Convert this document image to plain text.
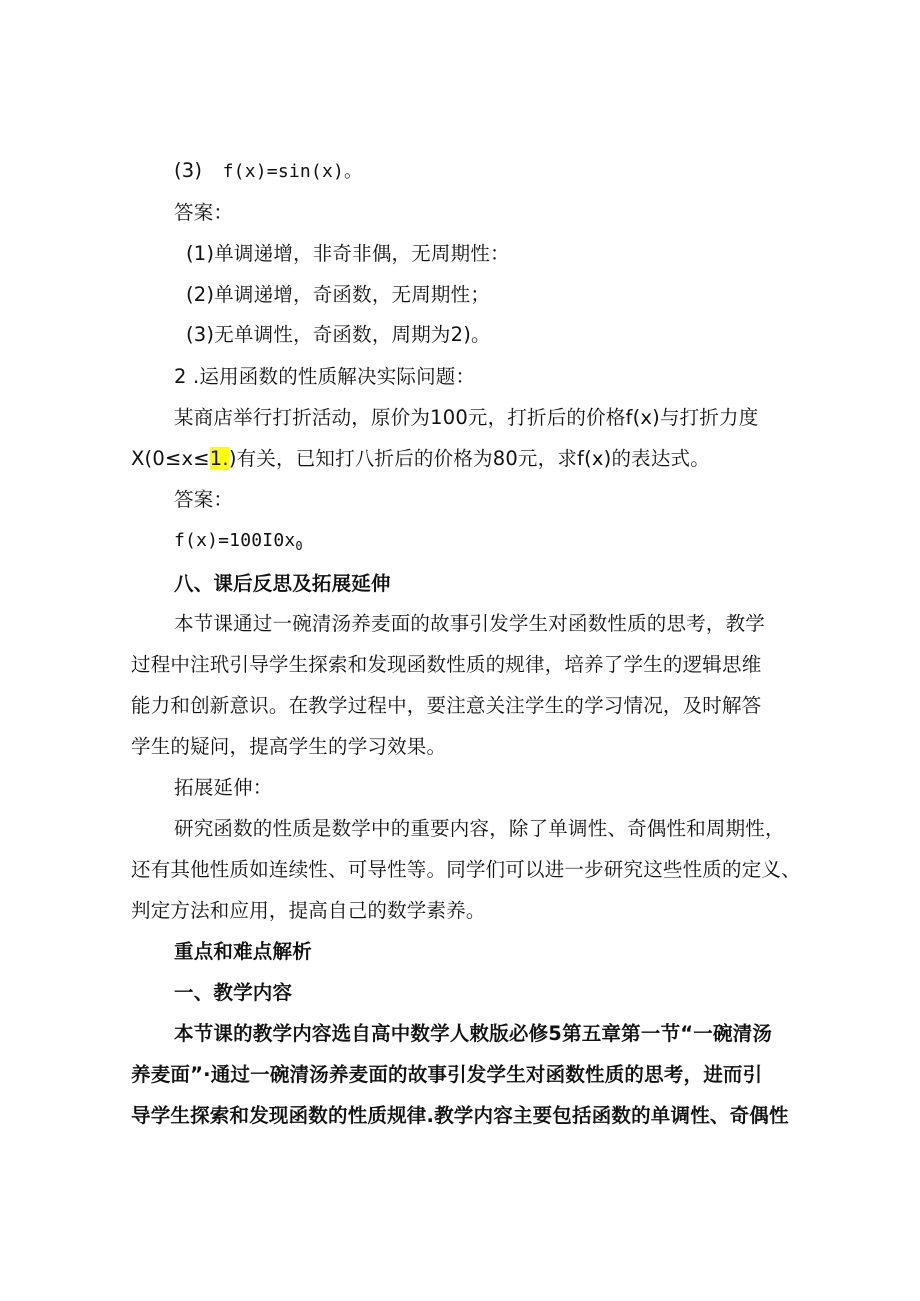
(3) f(x)=sin(x)。
答案：
(1)单调递增，非奇非偶，无周期性：
(2)单调递增，奇函数，无周期性；
(3)无单调性，奇函数，周期为2)。
2 .运用函数的性质解决实际问题：
某商店举行打折活动，原价为100元，打折后的价格f(x)与打折力度
X(0≤x≤1.)有关，已知打八折后的价格为80元，求f(x)的表达式。
答案：
$f(x)=100I0x_0$
八、课后反思及拓展延伸
本节课通过一碗清汤养麦面的故事引发学生对函数性质的思考，教学
过程中注玳引导学生探索和发现函数性质的规律，培养了学生的逻辑思维
能力和创新意识。在教学过程中，要注意关注学生的学习情况，及时解答
学生的疑问，提高学生的学习效果。
拓展延伸：
研究函数的性质是数学中的重要内容，除了单调性、奇偶性和周期性，
还有其他性质如连续性、可导性等。同学们可以进一步研究这些性质的定义、
判定方法和应用，提高自己的数学素养。
重点和难点解析
一、教学内容
本节课的教学内容选自高中数学人敕版必修5第五章第一节“一碗清汤
养麦面”·通过一碗清汤养麦面的故事引发学生对函数性质的思考，进而引
导学生探索和发现函数的性质规律.教学内容主要包括函数的单调性、奇偶性
